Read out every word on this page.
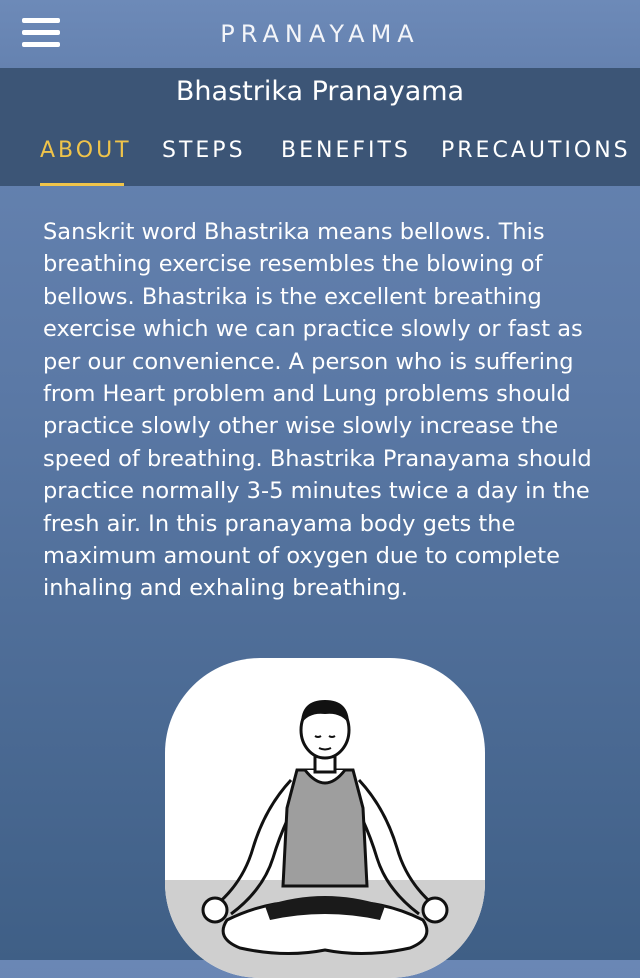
PRANAYAMA
Bhastrika Pranayama
ABOUT STEPS BENEFITS PRECAUTIONS
Sanskrit word Bhastrika means bellows. This breathing exercise resembles the blowing of bellows. Bhastrika is the excellent breathing exercise which we can practice slowly or fast as per our convenience. A person who is suffering from Heart problem and Lung problems should practice slowly other wise slowly increase the speed of breathing. Bhastrika Pranayama should practice normally 3-5 minutes twice a day in the fresh air. In this pranayama body gets the maximum amount of oxygen due to complete inhaling and exhaling breathing.
